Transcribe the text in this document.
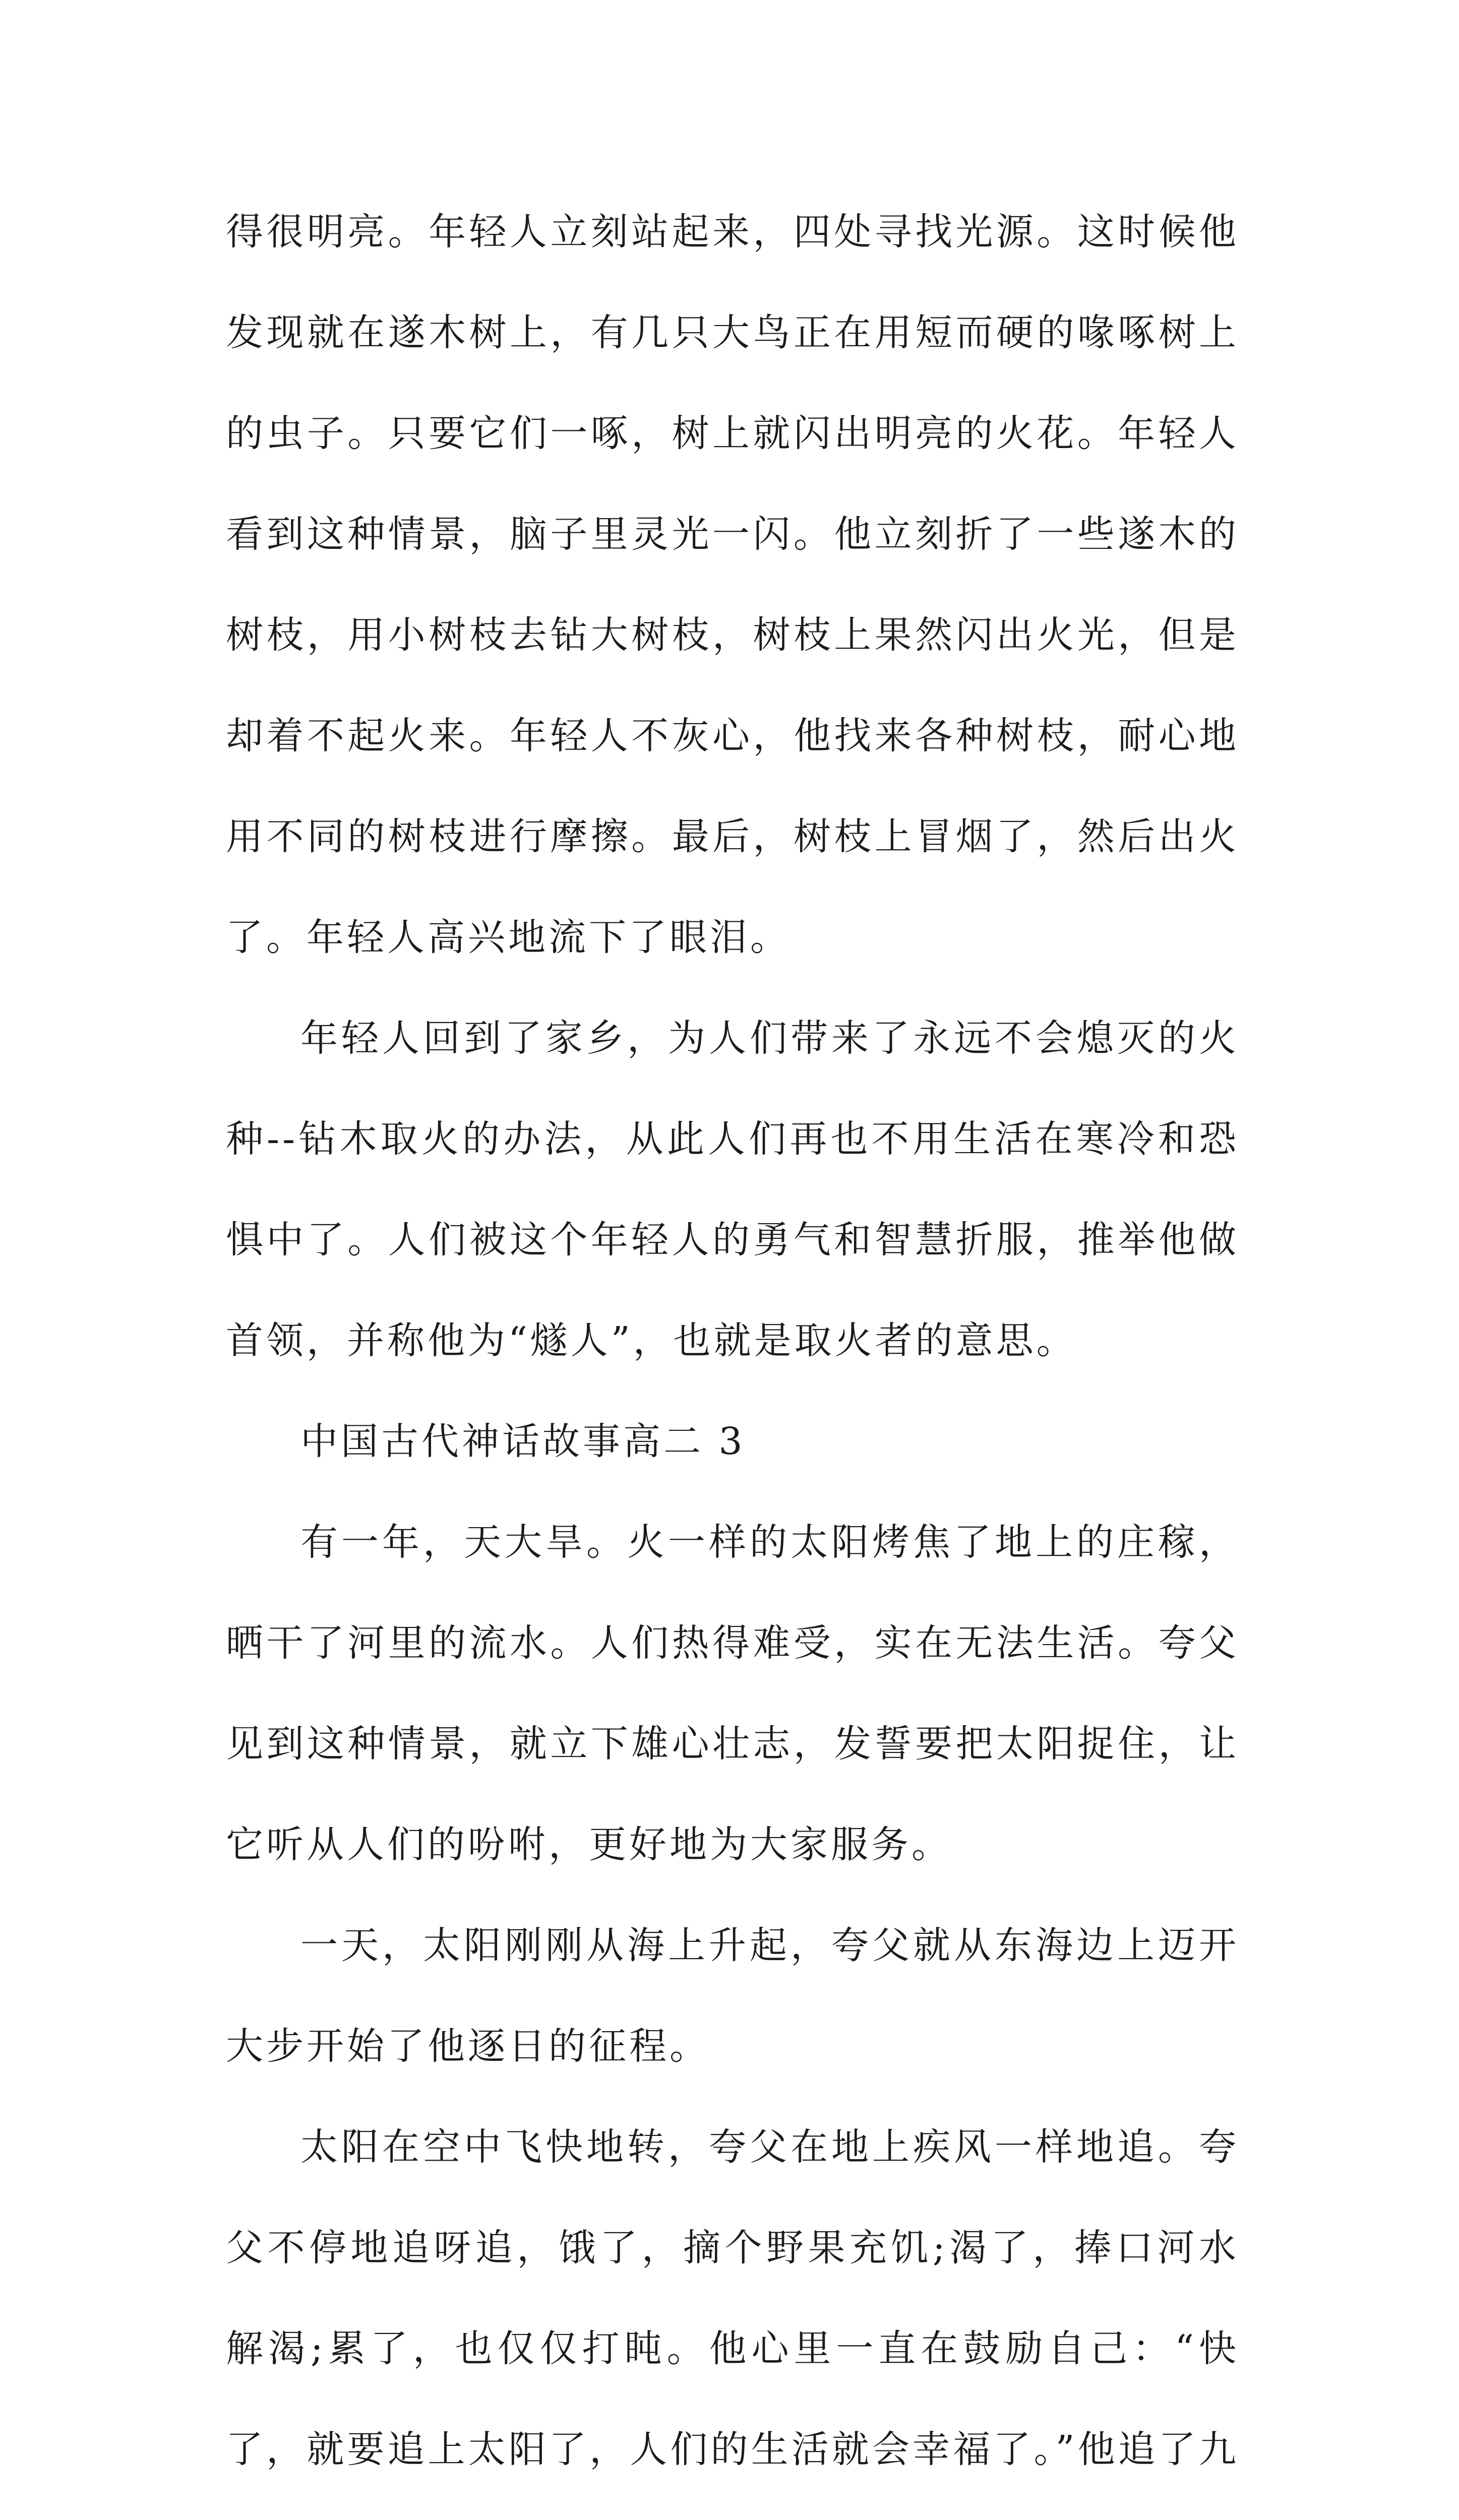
得很明亮。年轻人立刻站起来，四处寻找光源。这时候他发现就在遂木树上，有几只大鸟正在用短而硬的喙啄树上的虫子。只要它们一啄，树上就闪出明亮的火花。年轻人看到这种情景，脑子里灵光一闪。他立刻折了一些遂木的树枝，用小树枝去钻大树枝，树枝上果然闪出火光，但是却着不起火来。年轻人不灰心，他找来各种树枝，耐心地用不同的树枝进行摩擦。最后，树枝上冒烟了，然后出火了。年轻人高兴地流下了眼泪。

年轻人回到了家乡，为人们带来了永远不会熄灭的火种--钻木取火的办法，从此人们再也不用生活在寒冷和恐惧中了。人们被这个年轻人的勇气和智慧折服，推举他做首领，并称他为“燧人”，也就是取火者的意思。

中国古代神话故事高二 3

有一年，天大旱。火一样的太阳烤焦了地上的庄稼，晒干了河里的流水。人们热得难受，实在无法生活。夸父见到这种情景，就立下雄心壮志，发誓要把太阳捉住，让它听从人们的吩咐，更好地为大家服务。

一天，太阳刚刚从海上升起，夸父就从东海边上迈开大步开始了他逐日的征程。

太阳在空中飞快地转，夸父在地上疾风一样地追。夸父不停地追呀追，饿了，摘个野果充饥;渴了，捧口河水解渴;累了，也仅仅打盹。他心里一直在鼓励自己：“快了，就要追上太阳了，人们的生活就会幸福了。”他追了九
